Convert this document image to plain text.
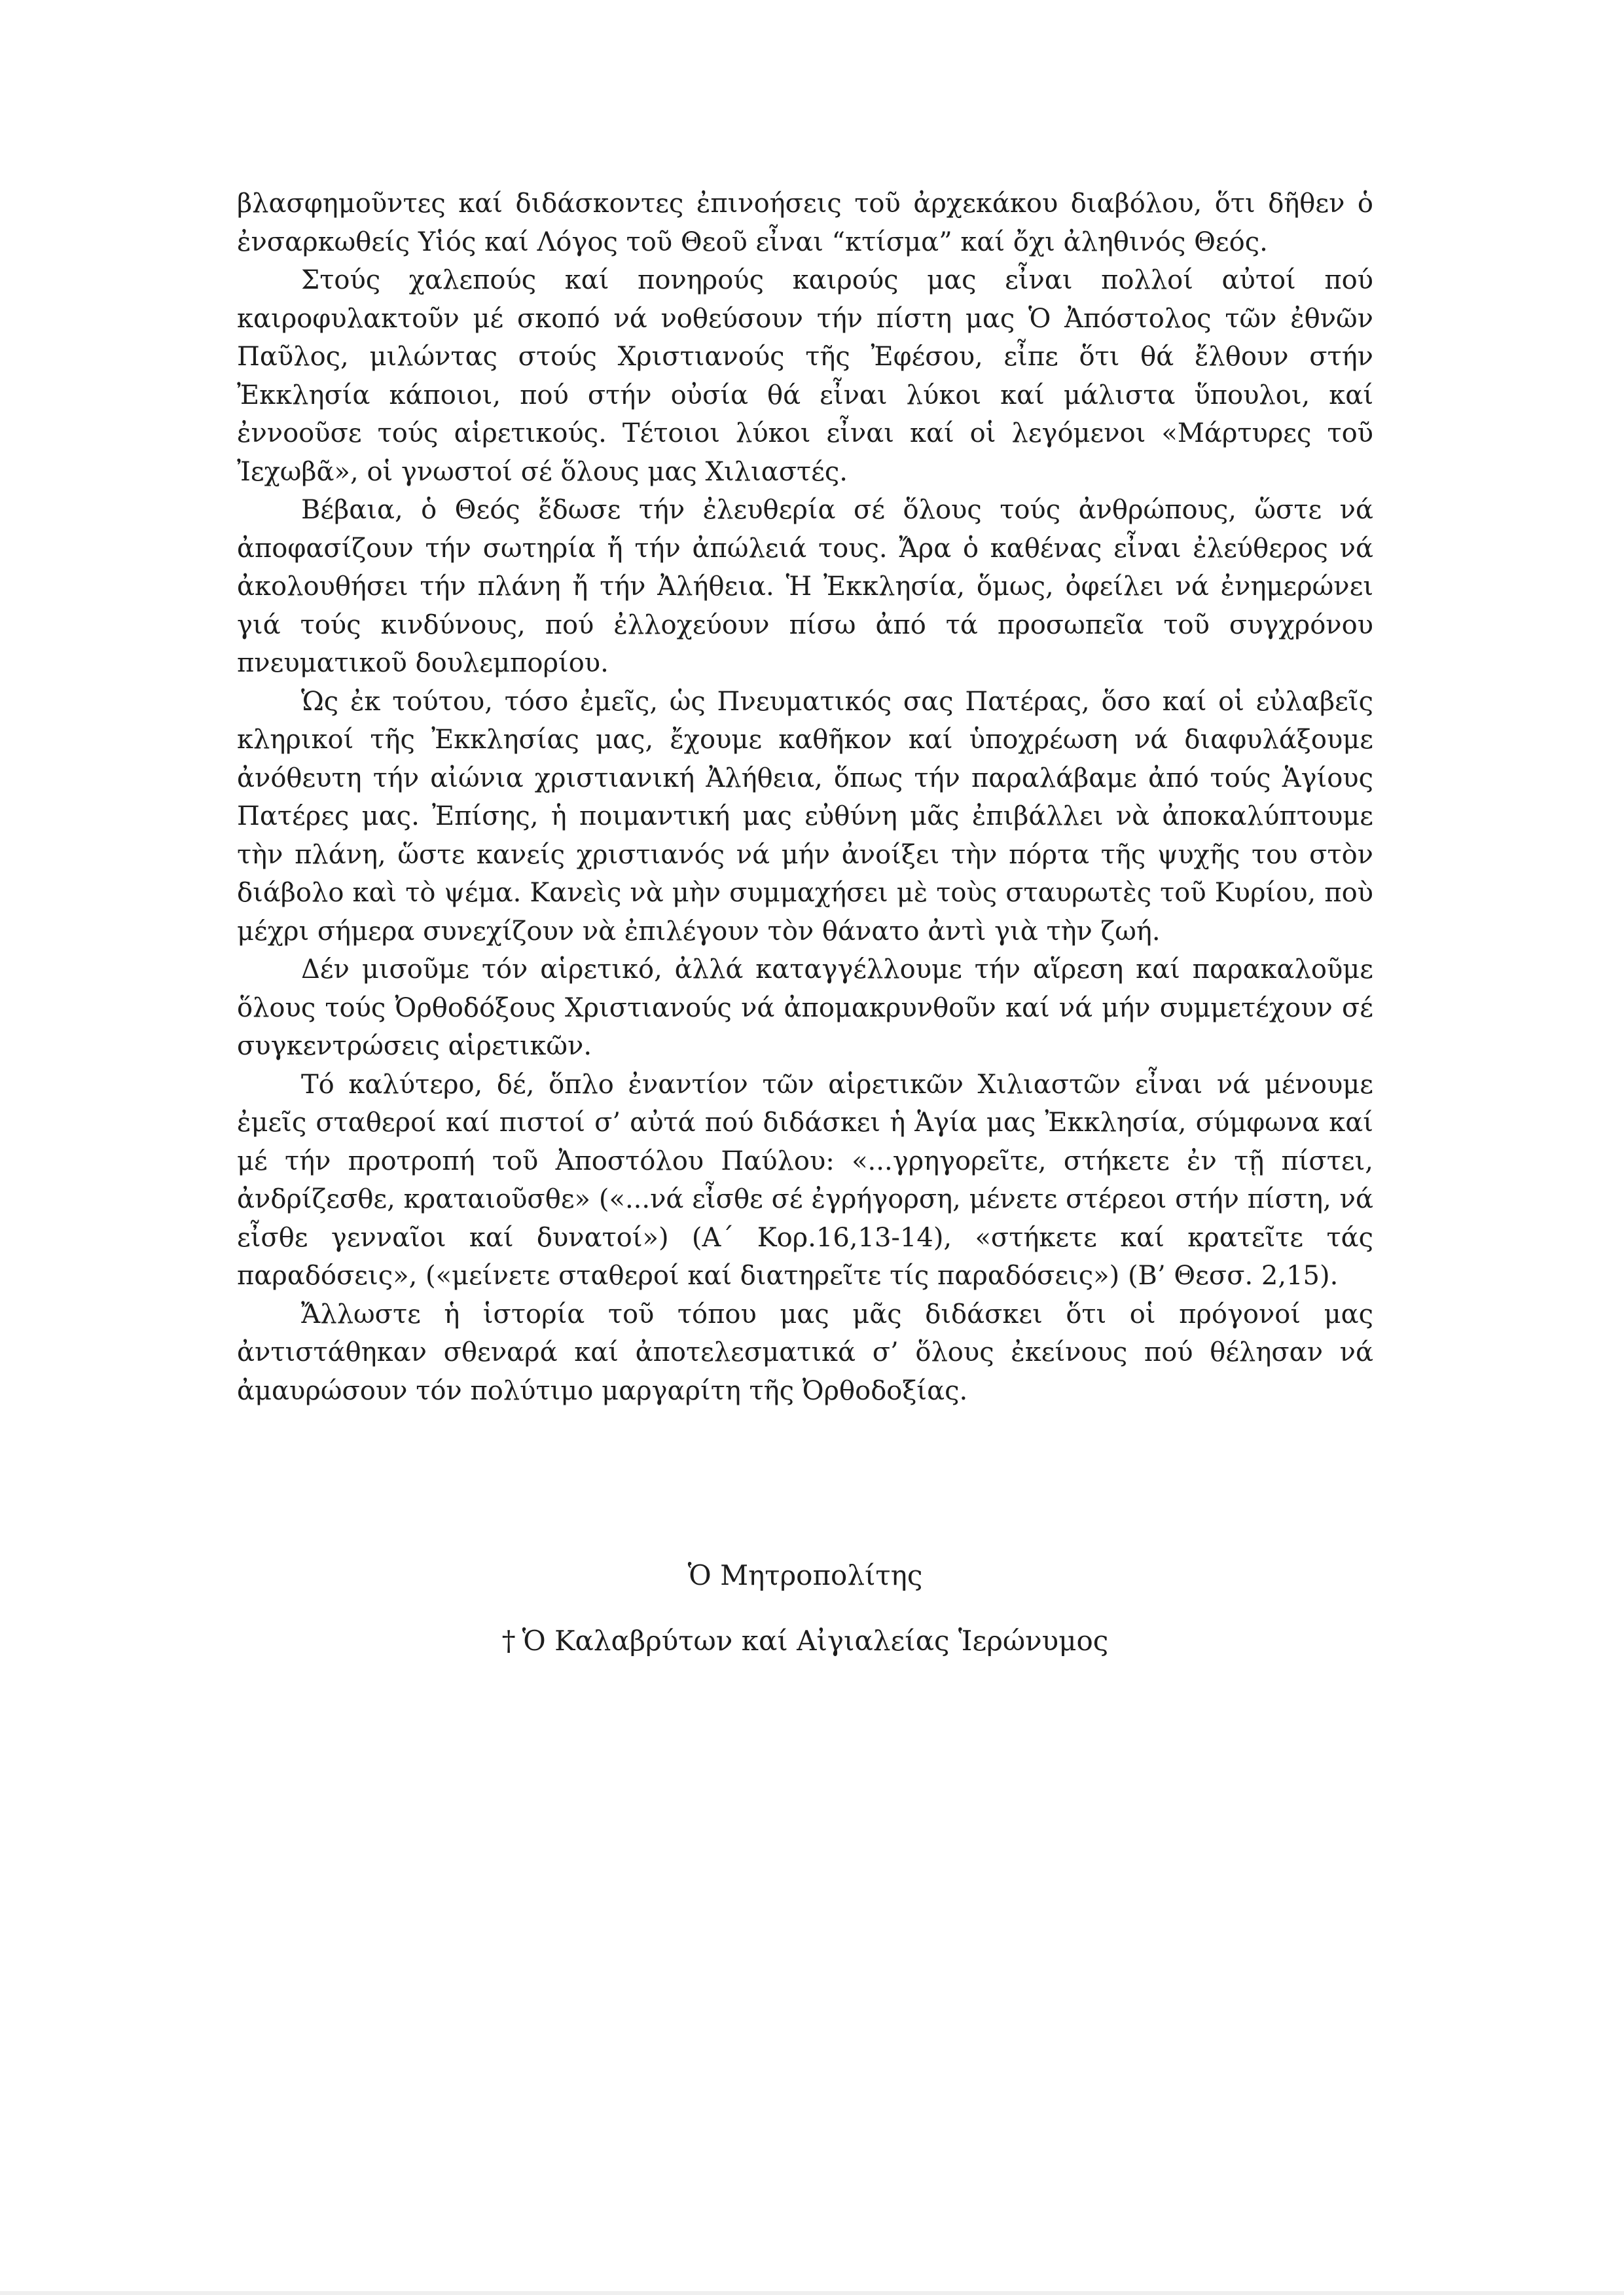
βλασφημοῦντες καί διδάσκοντες ἐπινοήσεις τοῦ ἀρχεκάκου διαβόλου, ὅτι δῆθεν ὁ ἐνσαρκωθείς Υἱός καί Λόγος τοῦ Θεοῦ εἶναι “κτίσμα” καί ὄχι ἀληθινός Θεός.

Στούς χαλεπούς καί πονηρούς καιρούς μας εἶναι πολλοί αὐτοί πού καιροφυλακτοῦν μέ σκοπό νά νοθεύσουν τήν πίστη μας Ὁ Ἀπόστολος τῶν ἐθνῶν Παῦλος, μιλώντας στούς Χριστιανούς τῆς Ἐφέσου, εἶπε ὅτι θά ἔλθουν στήν Ἐκκλησία κάποιοι, πού στήν οὐσία θά εἶναι λύκοι καί μάλιστα ὕπουλοι, καί ἐννοοῦσε τούς αἱρετικούς. Τέτοιοι λύκοι εἶναι καί οἱ λεγόμενοι «Μάρτυρες τοῦ Ἰεχωβᾶ», οἱ γνωστοί σέ ὅλους μας Χιλιαστές.

Βέβαια, ὁ Θεός ἔδωσε τήν ἐλευθερία σέ ὅλους τούς ἀνθρώπους, ὥστε νά ἀποφασίζουν τήν σωτηρία ἤ τήν ἀπώλειά τους. Ἄρα ὁ καθένας εἶναι ἐλεύθερος νά ἀκολουθήσει τήν πλάνη ἤ τήν Ἀλήθεια. Ἡ Ἐκκλησία, ὅμως, ὀφείλει νά ἐνημερώνει γιά τούς κινδύνους, πού ἐλλοχεύουν πίσω ἀπό τά προσωπεῖα τοῦ συγχρόνου πνευματικοῦ δουλεμπορίου.

Ὡς ἐκ τούτου, τόσο ἐμεῖς, ὡς Πνευματικός σας Πατέρας, ὅσο καί οἱ εὐλαβεῖς κληρικοί τῆς Ἐκκλησίας μας, ἔχουμε καθῆκον καί ὑποχρέωση νά διαφυλάξουμε ἀνόθευτη τήν αἰώνια χριστιανική Ἀλήθεια, ὅπως τήν παραλάβαμε ἀπό τούς Ἁγίους Πατέρες μας. Ἐπίσης, ἡ ποιμαντική μας εὐθύνη μᾶς ἐπιβάλλει νὰ ἀποκαλύπτουμε τὴν πλάνη, ὥστε κανείς χριστιανός νά μήν ἀνοίξει τὴν πόρτα τῆς ψυχῆς του στὸν διάβολο καὶ τὸ ψέμα. Κανεὶς νὰ μὴν συμμαχήσει μὲ τοὺς σταυρωτὲς τοῦ Κυρίου, ποὺ μέχρι σήμερα συνεχίζουν νὰ ἐπιλέγουν τὸν θάνατο ἀντὶ γιὰ τὴν ζωή.

Δέν μισοῦμε τόν αἱρετικό, ἀλλά καταγγέλλουμε τήν αἵρεση καί παρακαλοῦμε ὅλους τούς Ὀρθοδόξους Χριστιανούς νά ἀπομακρυνθοῦν καί νά μήν συμμετέχουν σέ συγκεντρώσεις αἱρετικῶν.

Τό καλύτερο, δέ, ὅπλο ἐναντίον τῶν αἱρετικῶν Χιλιαστῶν εἶναι νά μένουμε ἐμεῖς σταθεροί καί πιστοί σ’ αὐτά πού διδάσκει ἡ Ἁγία μας Ἐκκλησία, σύμφωνα καί μέ τήν προτροπή τοῦ Ἀποστόλου Παύλου: «...γρηγορεῖτε, στήκετε ἐν τῇ πίστει, ἀνδρίζεσθε, κραταιοῦσθε» («...νά εἶσθε σέ ἐγρήγορση, μένετε στέρεοι στήν πίστη, νά εἶσθε γενναῖοι καί δυνατοί») (Α΄ Κορ.16,13-14), «στήκετε καί κρατεῖτε τάς παραδόσεις», («μείνετε σταθεροί καί διατηρεῖτε τίς παραδόσεις») (Β’ Θεσσ. 2,15).

Ἄλλωστε ἡ ἱστορία τοῦ τόπου μας μᾶς διδάσκει ὅτι οἱ πρόγονοί μας ἀντιστάθηκαν σθεναρά καί ἀποτελεσματικά σ’ ὅλους ἐκείνους πού θέλησαν νά ἀμαυρώσουν τόν πολύτιμο μαργαρίτη τῆς Ὀρθοδοξίας.

Ὁ Μητροπολίτης

† Ὁ Καλαβρύτων καί Αἰγιαλείας Ἱερώνυμος
